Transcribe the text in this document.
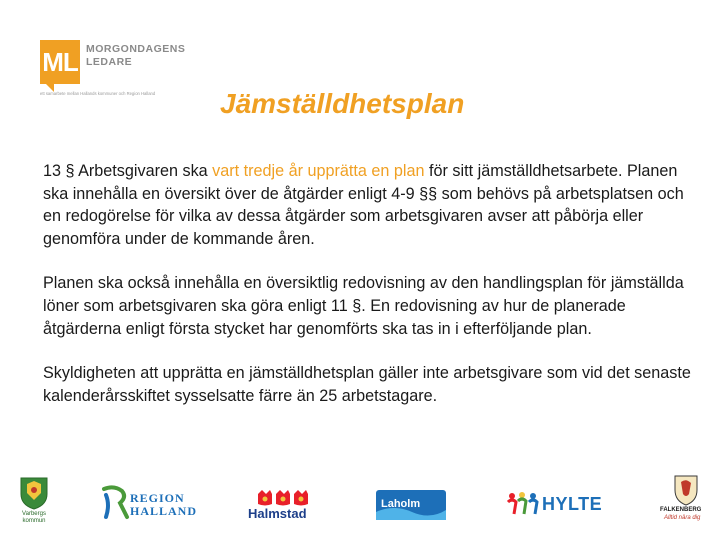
ML MORGONDAGENS
LEDARE
ett samarbete mellan Hallands kommuner och Region Halland Jämställdhetsplan

13 § Arbetsgivaren ska vart tredje år upprätta en plan för sitt jämställdhetsarbete. Planen ska innehålla en översikt över de åtgärder enligt 4-9 §§ som behövs på arbetsplatsen och en redogörelse för vilka av dessa åtgärder som arbetsgivaren avser att påbörja eller genomföra under de kommande åren.

Planen ska också innehålla en översiktlig redovisning av den handlingsplan för jämställda löner som arbetsgivaren ska göra enligt 11 §. En redovisning av hur de planerade åtgärderna enligt första stycket har genomförts ska tas in i efterföljande plan.

Skyldigheten att upprätta en jämställdhetsplan gäller inte arbetsgivare som vid det senaste kalenderårsskiftet sysselsatte färre än 25 arbetstagare.

Varbergs kommun
REGION
HALLAND	Halmstad
Laholm	HYLTE	FALKENBERG
Alltid nära dig
